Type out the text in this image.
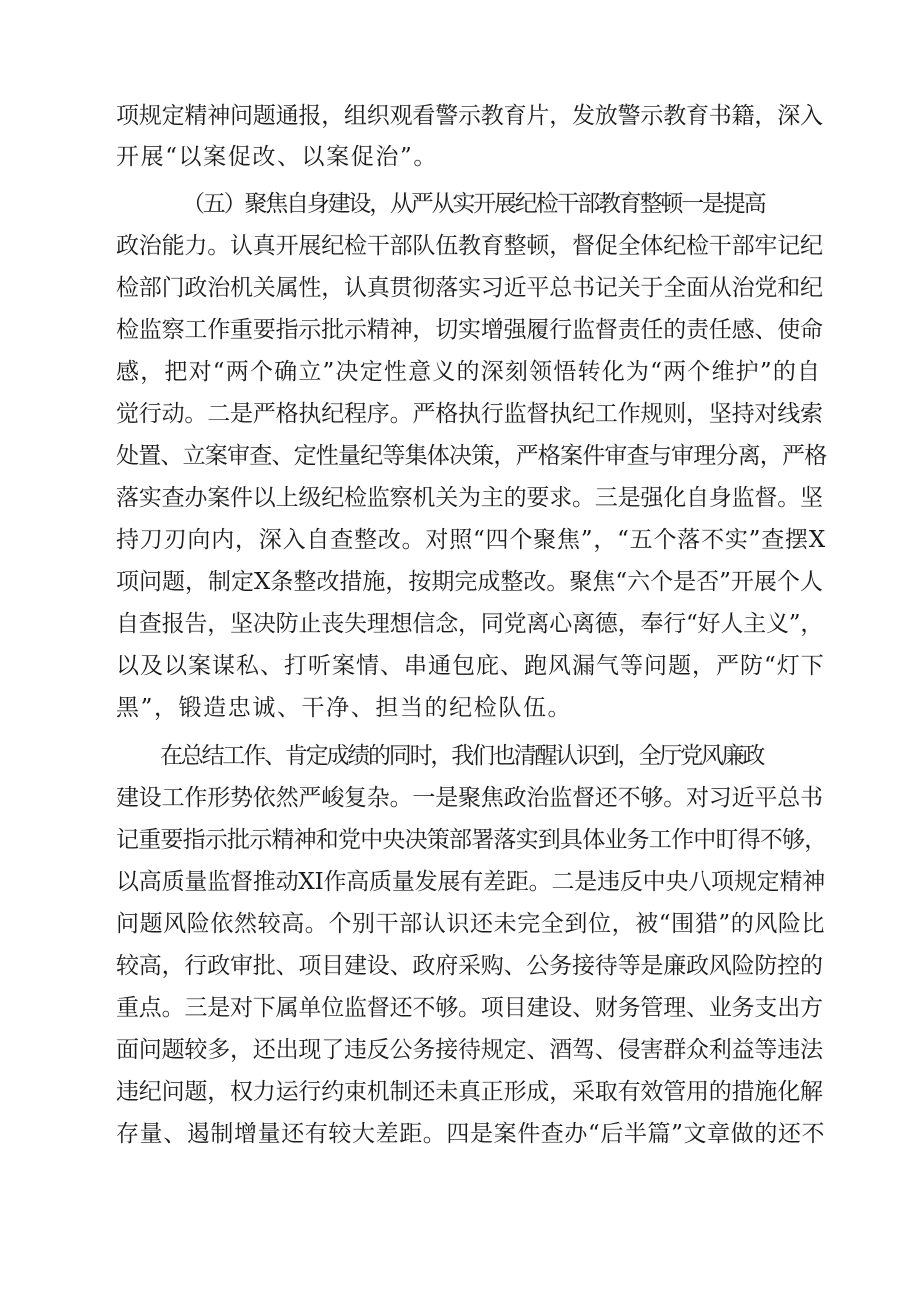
项规定精神问题通报，组织观看警示教育片，发放警示教育书籍，深入
开展“以案促改、以案促治”。
（五）聚焦自身建设，从严从实开展纪检干部教育整顿一是提高
政治能力。认真开展纪检干部队伍教育整顿，督促全体纪检干部牢记纪
检部门政治机关属性，认真贯彻落实习近平总书记关于全面从治党和纪
检监察工作重要指示批示精神，切实增强履行监督责任的责任感、使命
感，把对“两个确立”决定性意义的深刻领悟转化为“两个维护”的自
觉行动。二是严格执纪程序。严格执行监督执纪工作规则，坚持对线索
处置、立案审查、定性量纪等集体决策，严格案件审查与审理分离，严格
落实查办案件以上级纪检监察机关为主的要求。三是强化自身监督。坚
持刀刃向内，深入自查整改。对照“四个聚焦”，“五个落不实”查摆X
项问题，制定X条整改措施，按期完成整改。聚焦“六个是否”开展个人
自查报告，坚决防止丧失理想信念，同党离心离德，奉行“好人主义”，
以及以案谋私、打听案情、串通包庇、跑风漏气等问题，严防“灯下
黑”，锻造忠诚、干净、担当的纪检队伍。
在总结工作、肯定成绩的同时，我们也清醒认识到，全厅党风廉政
建设工作形势依然严峻复杂。一是聚焦政治监督还不够。对习近平总书
记重要指示批示精神和党中央决策部署落实到具体业务工作中盯得不够，
以高质量监督推动XI作高质量发展有差距。二是违反中央八项规定精神
问题风险依然较高。个别干部认识还未完全到位，被“围猎”的风险比
较高，行政审批、项目建设、政府采购、公务接待等是廉政风险防控的
重点。三是对下属单位监督还不够。项目建设、财务管理、业务支出方
面问题较多，还出现了违反公务接待规定、酒驾、侵害群众利益等违法
违纪问题，权力运行约束机制还未真正形成，采取有效管用的措施化解
存量、遏制增量还有较大差距。四是案件查办“后半篇”文章做的还不
